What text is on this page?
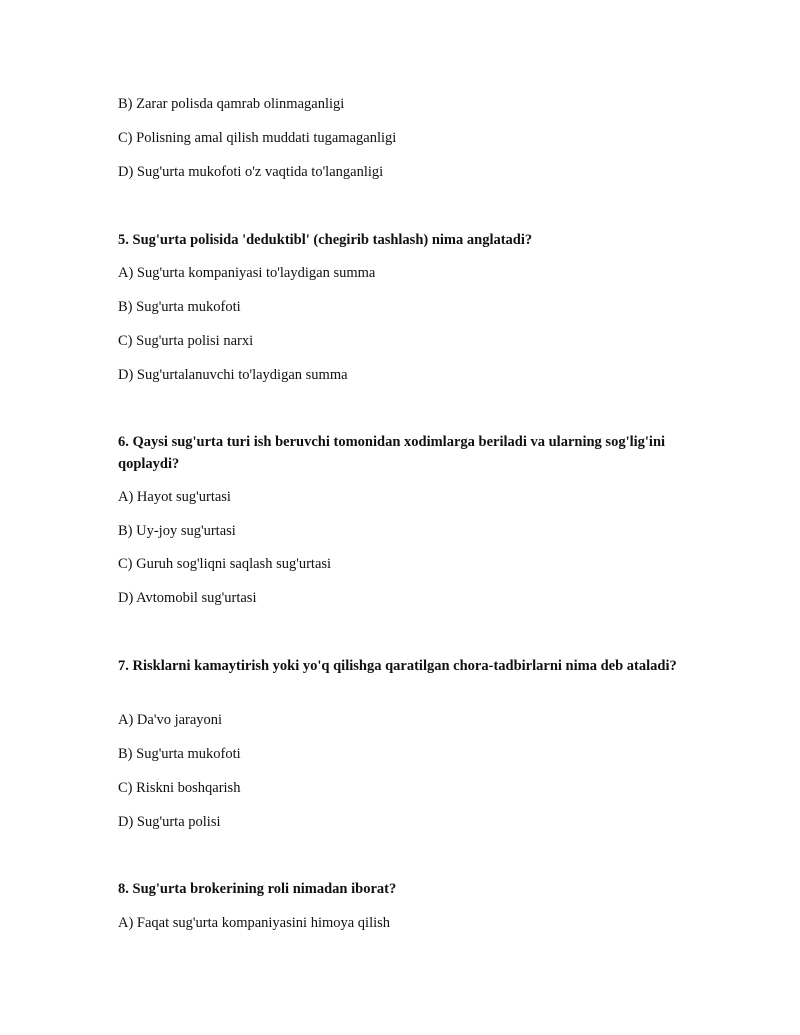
B) Zarar polisda qamrab olinmaganligi
C) Polisning amal qilish muddati tugamaganligi
D) Sug'urta mukofoti o'z vaqtida to'langanligi
5. Sug'urta polisida 'deduktibl' (chegirib tashlash) nima anglatadi?
A) Sug'urta kompaniyasi to'laydigan summa
B) Sug'urta mukofoti
C) Sug'urta polisi narxi
D) Sug'urtalanuvchi to'laydigan summa
6. Qaysi sug'urta turi ish beruvchi tomonidan xodimlarga beriladi va ularning sog'lig'ini qoplaydi?
A) Hayot sug'urtasi
B) Uy-joy sug'urtasi
C) Guruh sog'liqni saqlash sug'urtasi
D) Avtomobil sug'urtasi
7. Risklarni kamaytirish yoki yo'q qilishga qaratilgan chora-tadbirlarni nima deb ataladi?
A) Da'vo jarayoni
B) Sug'urta mukofoti
C) Riskni boshqarish
D) Sug'urta polisi
8. Sug'urta brokerining roli nimadan iborat?
A) Faqat sug'urta kompaniyasini himoya qilish
